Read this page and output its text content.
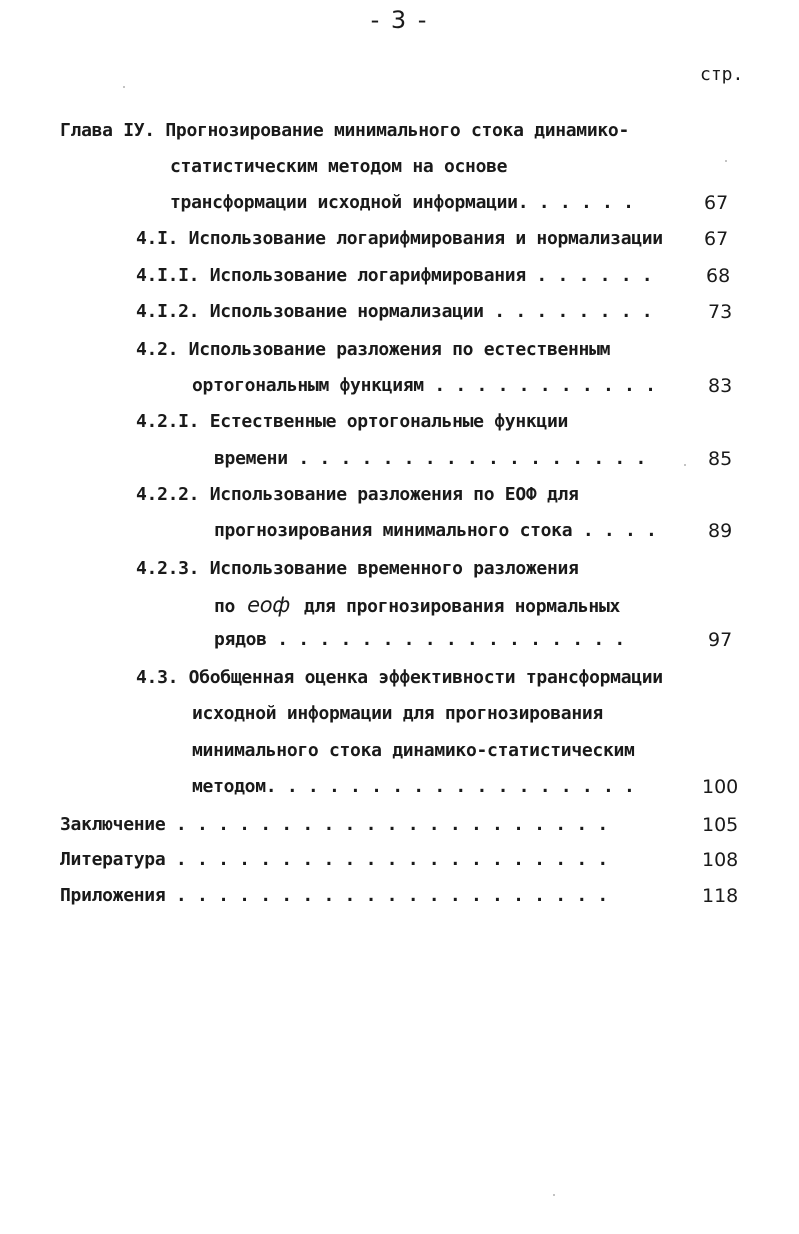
- 3 -
стр.
Глава IУ. Прогнозирование минимального стока динамико-
статистическим методом на основе
трансформации исходной информации. . . . . .	67
4.I. Использование логарифмирования и нормализации 67
4.I.I. Использование логарифмирования . . . . . .	68
4.I.2. Использование нормализации . . . . . . . .	73
4.2. Использование разложения по естественным
ортогональным функциям . . . . . . . . . . .	83
4.2.I. Естественные ортогональные функции
времени . . . . . . . . . . . . . . . . .	85
4.2.2. Использование разложения по ЕОФ для
прогнозирования минимального стока . . . .	89
4.2.3. Использование временного разложения
по еоф для прогнозирования нормальных
рядов . . . . . . . . . . . . . . . . .	97
4.3. Обобщенная оценка эффективности трансформации
исходной информации для прогнозирования
минимального стока динамико-статистическим
методом. . . . . . . . . . . . . . . . . .	100
Заключение . . . . . . . . . . . . . . . . . . . . .	105
Литература . . . . . . . . . . . . . . . . . . . . .	108
Приложения . . . . . . . . . . . . . . . . . . . . .	118
